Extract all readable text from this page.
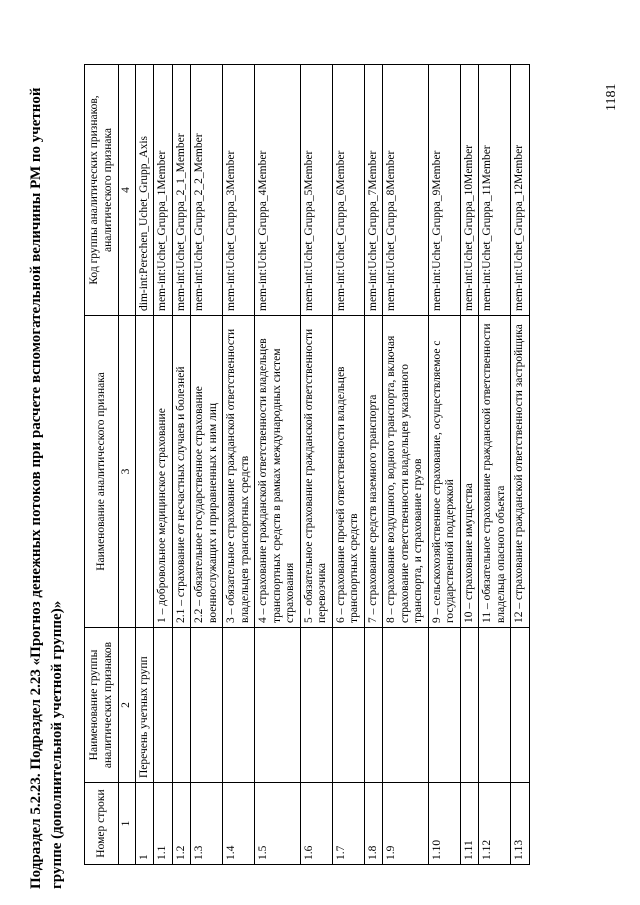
Подраздел 5.2.23. Подраздел 2.23 «Прогноз денежных потоков при расчете вспомогательной величины РМ по учетной группе (дополнительной учетной группе)»	Номер строки	Наименование группы аналитических признаков	Наименование аналитического признака	Код группы аналитических признаков, аналитического признака
1	2	3	4
1	Перечень учетных групп		dim-int:Perechen_Uchet_Grupp_Axis
1.1		1 – добровольное медицинское страхование	mem-int:Uchet_Gruppa_1Member
1.2		2.1 – страхование от несчастных случаев и болезней	mem-int:Uchet_Gruppa_2_1_Member
1.3		2.2 – обязательное государственное страхование военнослужащих и приравненных к ним лиц	mem-int:Uchet_Gruppa_2_2_Member
1.4		3 – обязательное страхование гражданской ответственности владельцев транспортных средств	mem-int:Uchet_Gruppa_3Member
1.5		4 – страхование гражданской ответственности владельцев транспортных средств в рамках международных систем страхования	mem-int:Uchet_Gruppa_4Member
1.6		5 – обязательное страхование гражданской ответственности перевозчика	mem-int:Uchet_Gruppa_5Member
1.7		6 – страхование прочей ответственности владельцев транспортных средств	mem-int:Uchet_Gruppa_6Member
1.8		7 – страхование средств наземного транспорта	mem-int:Uchet_Gruppa_7Member
1.9		8 – страхование воздушного, водного транспорта, включая страхование ответственности владельцев указанного транспорта, и страхование грузов	mem-int:Uchet_Gruppa_8Member
1.10		9 – сельскохозяйственное страхование, осуществляемое с государственной поддержкой	mem-int:Uchet_Gruppa_9Member
1.11		10 – страхование имущества	mem-int:Uchet_Gruppa_10Member
1.12		11 – обязательное страхование гражданской ответственности владельца опасного объекта	mem-int:Uchet_Gruppa_11Member
1.13		12 – страхование гражданской ответственности застройщика	mem-int:Uchet_Gruppa_12Member
1181
